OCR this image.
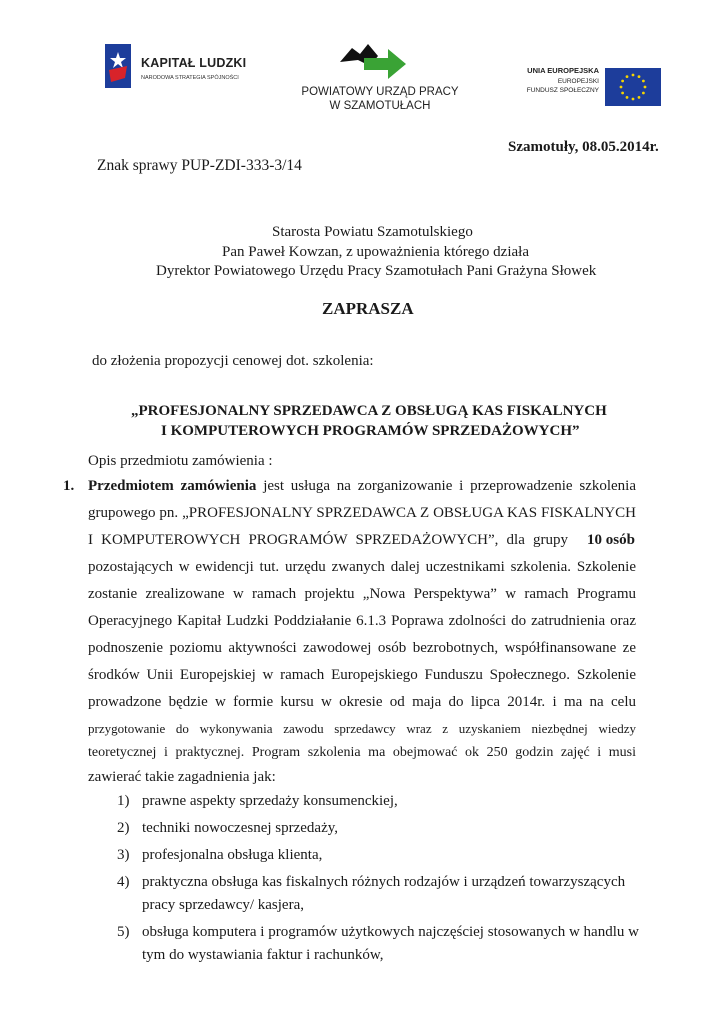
KAPITAŁ LUDZKI
NARODOWA STRATEGIA SPÓJNOŚCI
POWIATOWY URZĄD PRACY
W SZAMOTUŁACH
UNIA EUROPEJSKA
EUROPEJSKI
FUNDUSZ SPOŁECZNY
Szamotuły, 08.05.2014r.
Znak sprawy PUP-ZDI-333-3/14
Starosta Powiatu Szamotulskiego
Pan Paweł Kowzan, z upoważnienia którego działa
Dyrektor Powiatowego Urzędu Pracy Szamotułach Pani Grażyna Słowek
ZAPRASZA
do złożenia propozycji cenowej dot. szkolenia:
„PROFESJONALNY SPRZEDAWCA Z OBSŁUGĄ KAS FISKALNYCH
I KOMPUTEROWYCH PROGRAMÓW SPRZEDAŻOWYCH”
Opis przedmiotu zamówienia :
1. Przedmiotem zamówienia jest usługa na zorganizowanie i przeprowadzenie szkolenia
grupowego pn. „PROFESJONALNY SPRZEDAWCA Z OBSŁUGA KAS FISKALNYCH
I KOMPUTEROWYCH PROGRAMÓW SPRZEDAŻOWYCH”, dla grupy 10 osób
pozostających w ewidencji tut. urzędu zwanych dalej uczestnikami szkolenia. Szkolenie
zostanie zrealizowane w ramach projektu „Nowa Perspektywa” w ramach Programu
Operacyjnego Kapitał Ludzki Poddziałanie 6.1.3 Poprawa zdolności do zatrudnienia oraz
podnoszenie poziomu aktywności zawodowej osób bezrobotnych, współfinansowane ze
środków Unii Europejskiej w ramach Europejskiego Funduszu Społecznego. Szkolenie
prowadzone będzie w formie kursu w okresie od maja do lipca 2014r. i ma na celu
przygotowanie do wykonywania zawodu sprzedawcy wraz z uzyskaniem niezbędnej wiedzy
teoretycznej i praktycznej. Program szkolenia ma obejmować ok 250 godzin zajęć i musi
zawierać takie zagadnienia jak:
1) prawne aspekty sprzedaży konsumenckiej,
2) techniki nowoczesnej sprzedaży,
3) profesjonalna obsługa klienta,
4) praktyczna obsługa kas fiskalnych różnych rodzajów i urządzeń towarzyszących
pracy sprzedawcy/ kasjera,
5) obsługa komputera i programów użytkowych najczęściej stosowanych w handlu w
tym do wystawiania faktur i rachunków,
